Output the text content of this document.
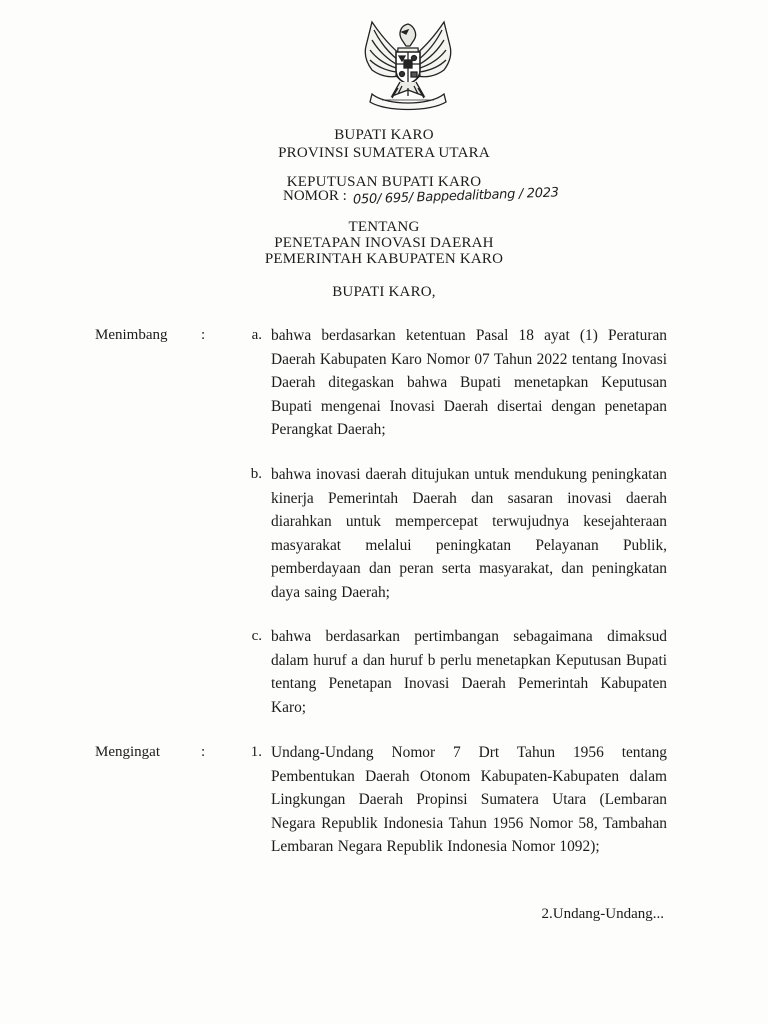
BUPATI KARO
PROVINSI SUMATERA UTARA
KEPUTUSAN BUPATI KARO
NOMOR : 050/ 695/ Bappedalitbang / 2023
TENTANG
PENETAPAN INOVASI DAERAH
PEMERINTAH KABUPATEN KARO
BUPATI KARO,
Menimbang :	a. bahwa berdasarkan ketentuan Pasal 18 ayat (1) Peraturan Daerah Kabupaten Karo Nomor 07 Tahun 2022 tentang Inovasi Daerah ditegaskan bahwa Bupati menetapkan Keputusan Bupati mengenai Inovasi Daerah disertai dengan penetapan Perangkat Daerah;
b. bahwa inovasi daerah ditujukan untuk mendukung peningkatan kinerja Pemerintah Daerah dan sasaran inovasi daerah diarahkan untuk mempercepat terwujudnya kesejahteraan masyarakat melalui peningkatan Pelayanan Publik, pemberdayaan dan peran serta masyarakat, dan peningkatan daya saing Daerah;
c. bahwa berdasarkan pertimbangan sebagaimana dimaksud dalam huruf a dan huruf b perlu menetapkan Keputusan Bupati tentang Penetapan Inovasi Daerah Pemerintah Kabupaten Karo;
Mengingat	:	1. Undang-Undang Nomor 7 Drt Tahun 1956 tentang Pembentukan Daerah Otonom Kabupaten-Kabupaten dalam Lingkungan Daerah Propinsi Sumatera Utara (Lembaran Negara Republik Indonesia Tahun 1956 Nomor 58, Tambahan Lembaran Negara Republik Indonesia Nomor 1092);
2.Undang-Undang...
